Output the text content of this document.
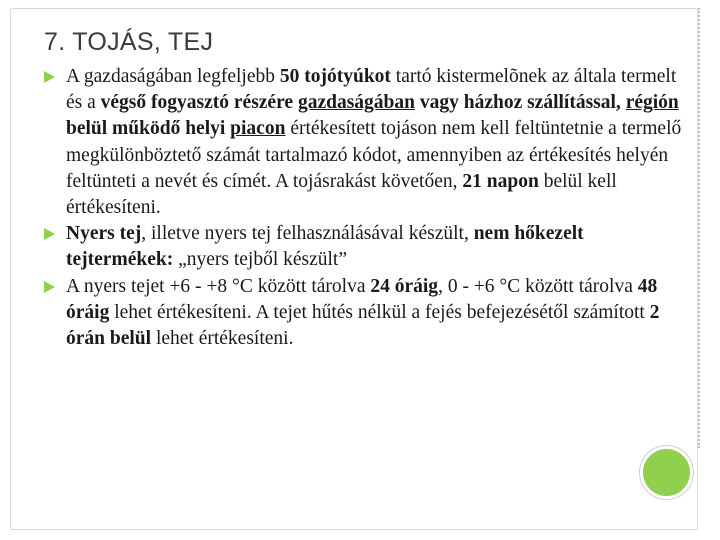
7. TOJÁS, TEJ
A gazdaságában legfeljebb 50 tojótyúkot tartó kistermelõnek az általa termelt és a végső fogyasztó részére gazdaságában vagy házhoz szállítással, régión belül működő helyi piacon értékesített tojáson nem kell feltüntetnie a termelő megkülönböztető számát tartalmazó kódot, amennyiben az értékesítés helyén feltünteti a nevét és címét. A tojásrakást követően, 21 napon belül kell értékesíteni.
Nyers tej, illetve nyers tej felhasználásával készült, nem hőkezelt tejtermékek: „nyers tejből készült”
A nyers tejet +6 - +8 °C között tárolva 24 óráig, 0 - +6 °C között tárolva 48 óráig lehet értékesíteni. A tejet hűtés nélkül a fejés befejezésétől számított 2 órán belül lehet értékesíteni.
